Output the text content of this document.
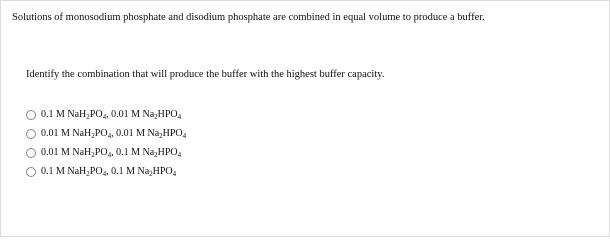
Solutions of monosodium phosphate and disodium phosphate are combined in equal volume to produce a buffer.
Identify the combination that will produce the buffer with the highest buffer capacity.
0.1 M $NaH_2PO_4$, 0.01 M $Na_2HPO_4$
0.01 M $NaH_2PO_4$, 0.01 M $Na_2HPO_4$
0.01 M $NaH_2PO_4$, 0.1 M $Na_2HPO_4$
0.1 M $NaH_2PO_4$, 0.1 M $Na_2HPO_4$
